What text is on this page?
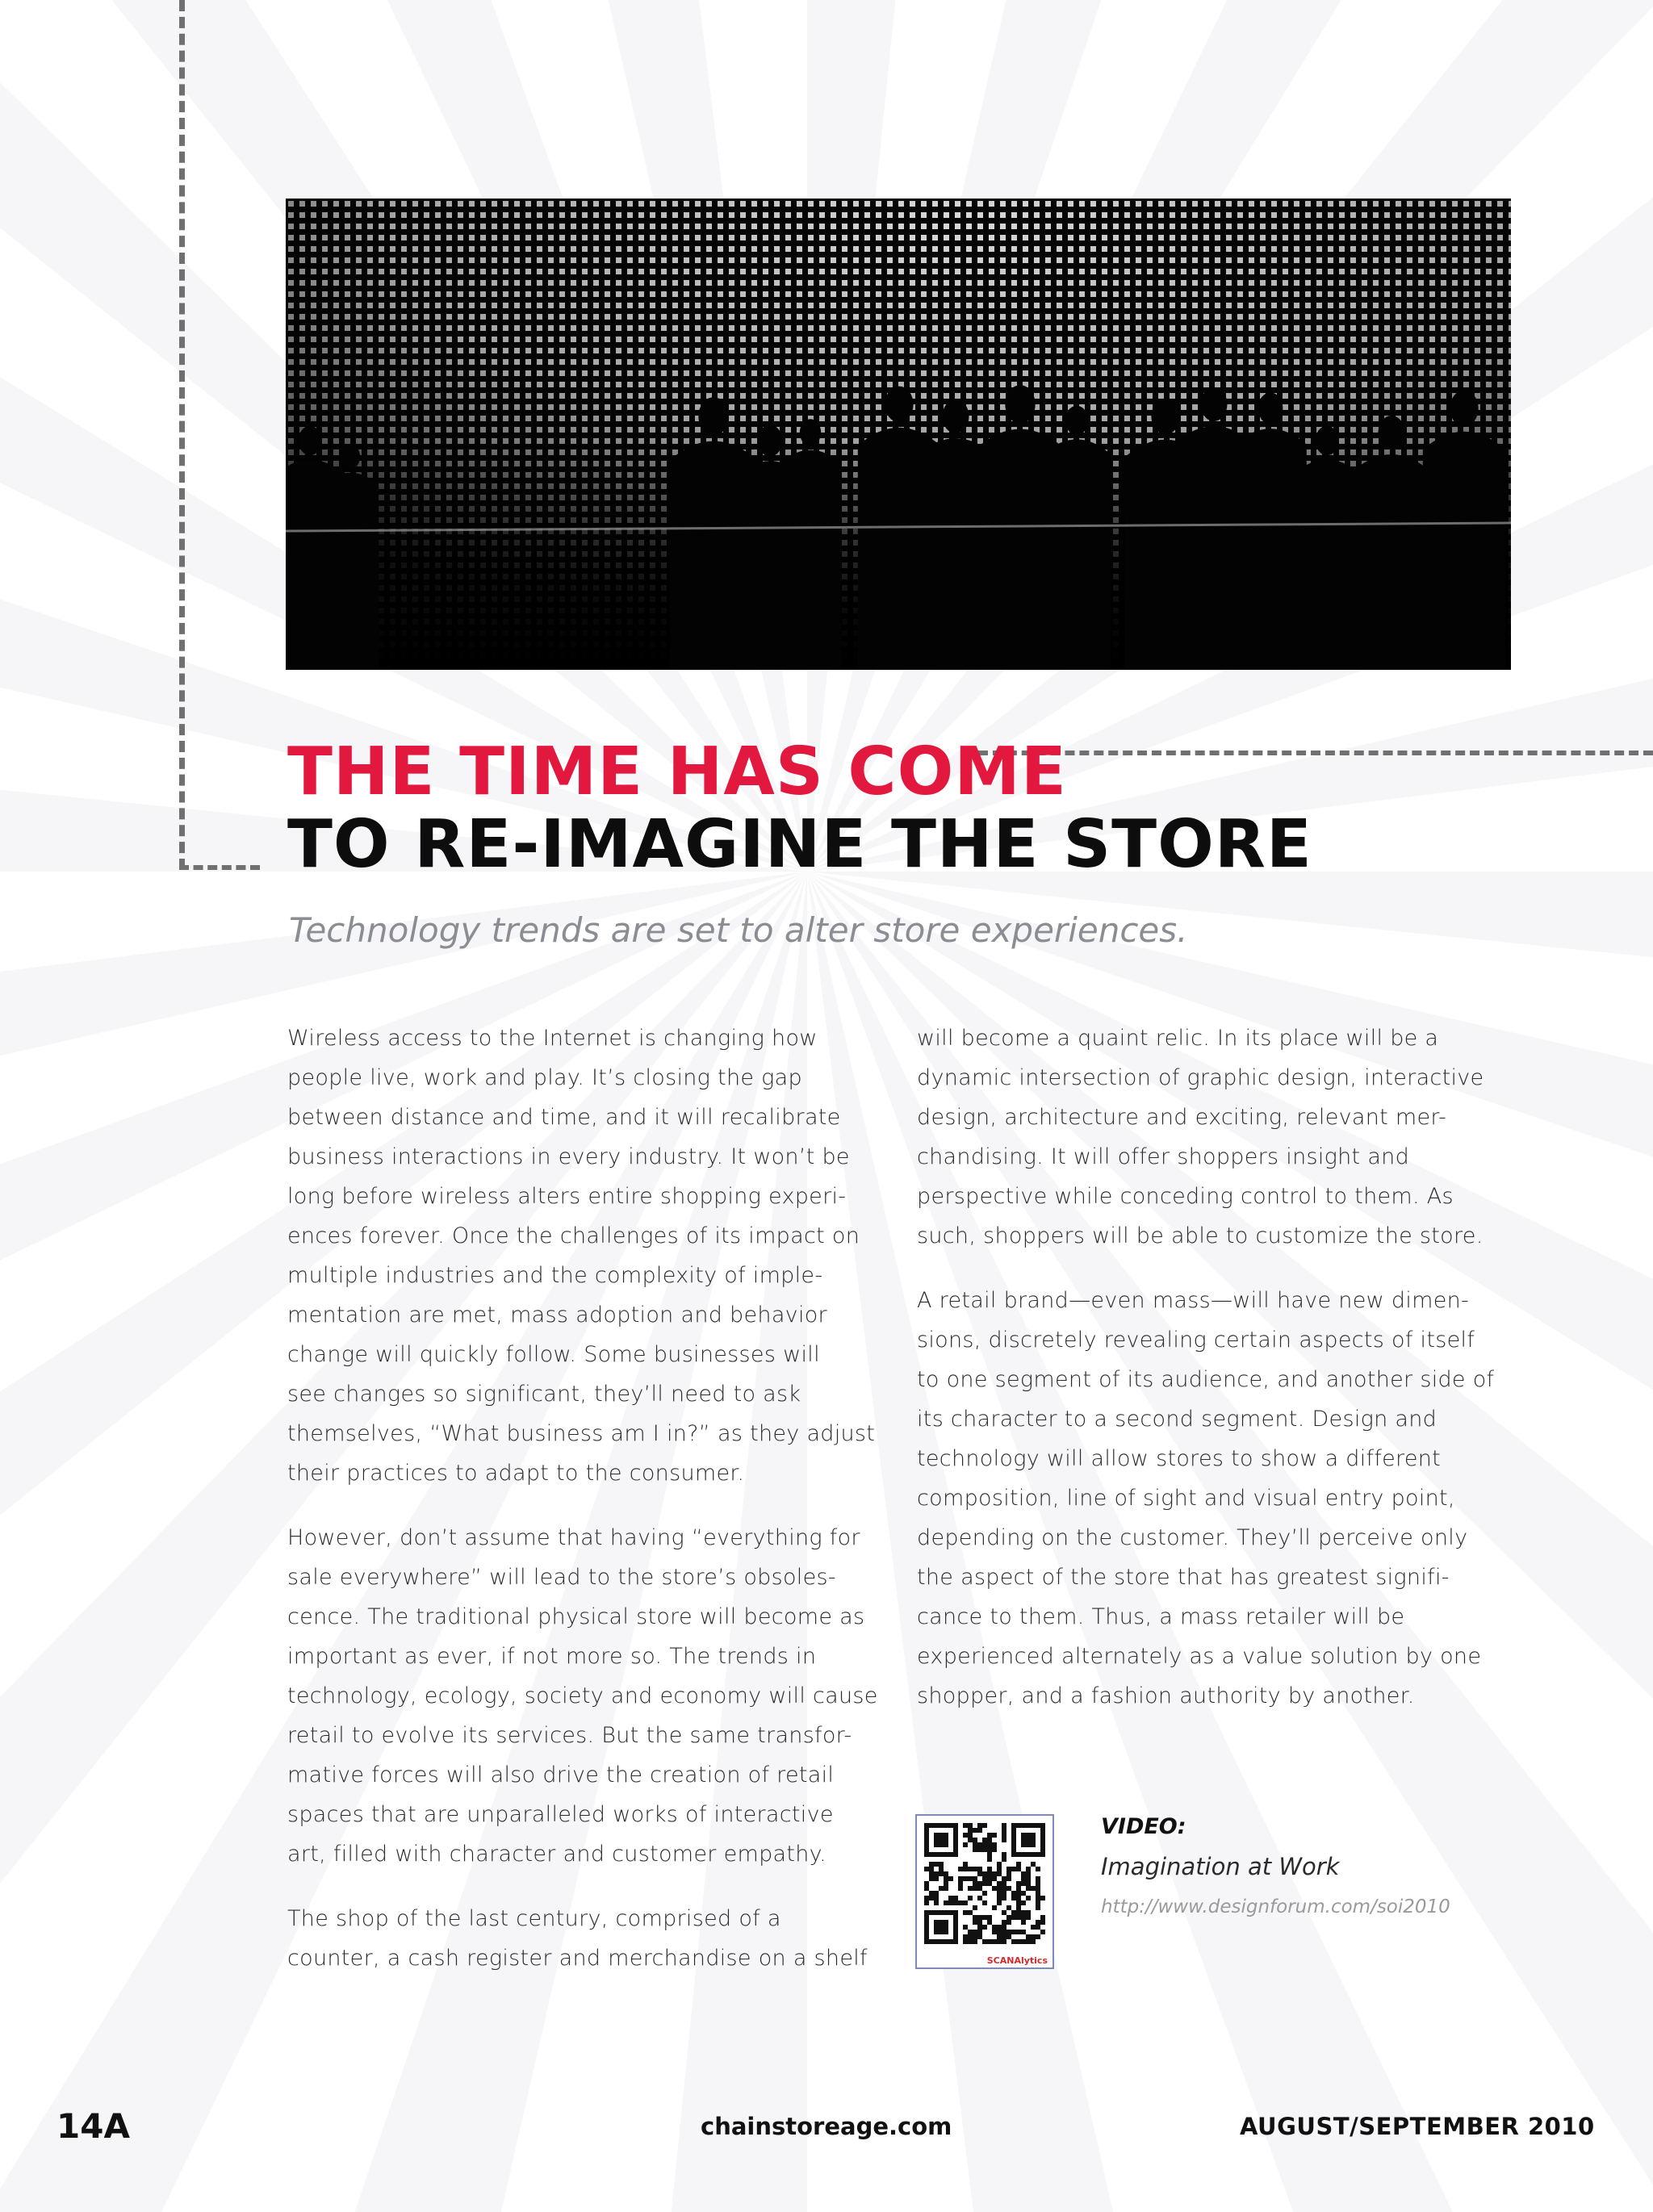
THE TIME HAS COME
TO RE-IMAGINE THE STORE

Technology trends are set to alter store experiences.

Wireless access to the Internet is changing how
people live, work and play. It’s closing the gap
between distance and time, and it will recalibrate
business interactions in every industry. It won’t be
long before wireless alters entire shopping experi-
ences forever. Once the challenges of its impact on
multiple industries and the complexity of imple-
mentation are met, mass adoption and behavior
change will quickly follow. Some businesses will
see changes so significant, they’ll need to ask
themselves, “What business am I in?” as they adjust
their practices to adapt to the consumer.

However, don’t assume that having “everything for
sale everywhere” will lead to the store’s obsoles-
cence. The traditional physical store will become as
important as ever, if not more so. The trends in
technology, ecology, society and economy will cause
retail to evolve its services. But the same transfor-
mative forces will also drive the creation of retail
spaces that are unparalleled works of interactive
art, filled with character and customer empathy.

The shop of the last century, comprised of a
counter, a cash register and merchandise on a shelf

will become a quaint relic. In its place will be a
dynamic intersection of graphic design, interactive
design, architecture and exciting, relevant mer-
chandising. It will offer shoppers insight and
perspective while conceding control to them. As
such, shoppers will be able to customize the store.

A retail brand—even mass—will have new dimen-
sions, discretely revealing certain aspects of itself
to one segment of its audience, and another side of
its character to a second segment. Design and
technology will allow stores to show a different
composition, line of sight and visual entry point,
depending on the customer. They’ll perceive only
the aspect of the store that has greatest signifi-
cance to them. Thus, a mass retailer will be
experienced alternately as a value solution by one
shopper, and a fashion authority by another.

SCANAlytics

VIDEO:

Imagination at Work

http://www.designforum.com/soi2010

14A	chainstoreage.com	AUGUST/SEPTEMBER 2010
